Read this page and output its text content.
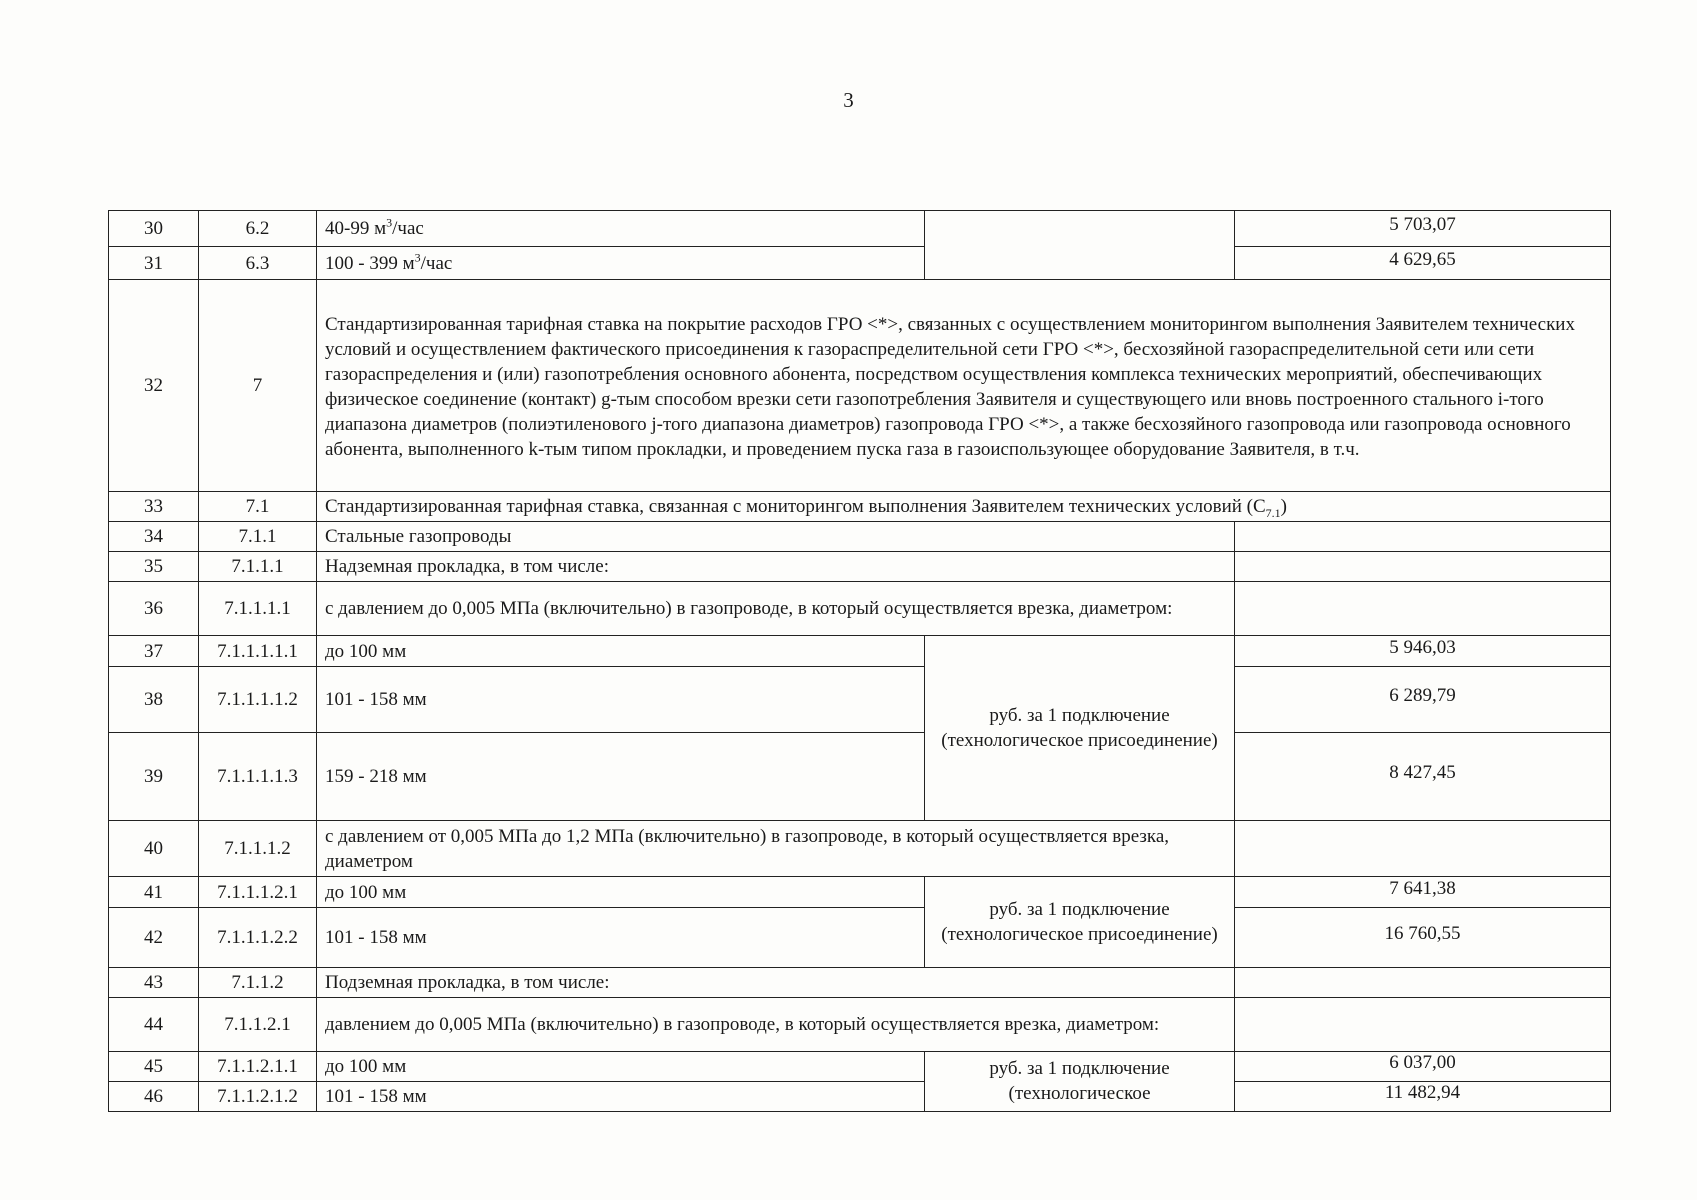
3
30	6.2	40-99 $м^3$/час		5 703,07
31	6.3	100 - 399 $м^3$/час		4 629,65
32	7	Стандартизированная тарифная ставка на покрытие расходов ГРО <*>, связанных с осуществлением мониторингом выполнения Заявителем технических условий и осуществлением фактического присоединения к газораспределительной сети ГРО <*>, бесхозяйной газораспределительной сети или сети газораспределения и (или) газопотребления основного абонента, посредством осуществления комплекса технических мероприятий, обеспечивающих физическое соединение (контакт) g-тым способом врезки сети газопотребления Заявителя и существующего или вновь построенного стального i-того диапазона диаметров (полиэтиленового j-того диапазона диаметров) газопровода ГРО <*>, а также бесхозяйного газопровода или газопровода основного абонента, выполненного k-тым типом прокладки, и проведением пуска газа в газоиспользующее оборудование Заявителя, в т.ч.		
33	7.1	Стандартизированная тарифная ставка, связанная с мониторингом выполнения Заявителем технических условий $(С_{7.1})$		
34	7.1.1	Стальные газопроводы		
35	7.1.1.1	Надземная прокладка, в том числе:		
36	7.1.1.1.1	с давлением до 0,005 МПа (включительно) в газопроводе, в который осуществляется врезка, диаметром:		
37	7.1.1.1.1.1	до 100 мм	руб. за 1 подключение (технологическое присоединение)	5 946,03
38	7.1.1.1.1.2	101 - 158 мм		6 289,79
39	7.1.1.1.1.3	159 - 218 мм		8 427,45
40	7.1.1.1.2	с давлением от 0,005 МПа до 1,2 МПа (включительно) в газопроводе, в который осуществляется врезка, диаметром		
41	7.1.1.1.2.1	до 100 мм	руб. за 1 подключение (технологическое присоединение)	7 641,38
42	7.1.1.1.2.2	101 - 158 мм		16 760,55
43	7.1.1.2	Подземная прокладка, в том числе:		
44	7.1.1.2.1	давлением до 0,005 МПа (включительно) в газопроводе, в который осуществляется врезка, диаметром:		
45	7.1.1.2.1.1	до 100 мм	руб. за 1 подключение (технологическое	6 037,00
46	7.1.1.2.1.2	101 - 158 мм		11 482,94
